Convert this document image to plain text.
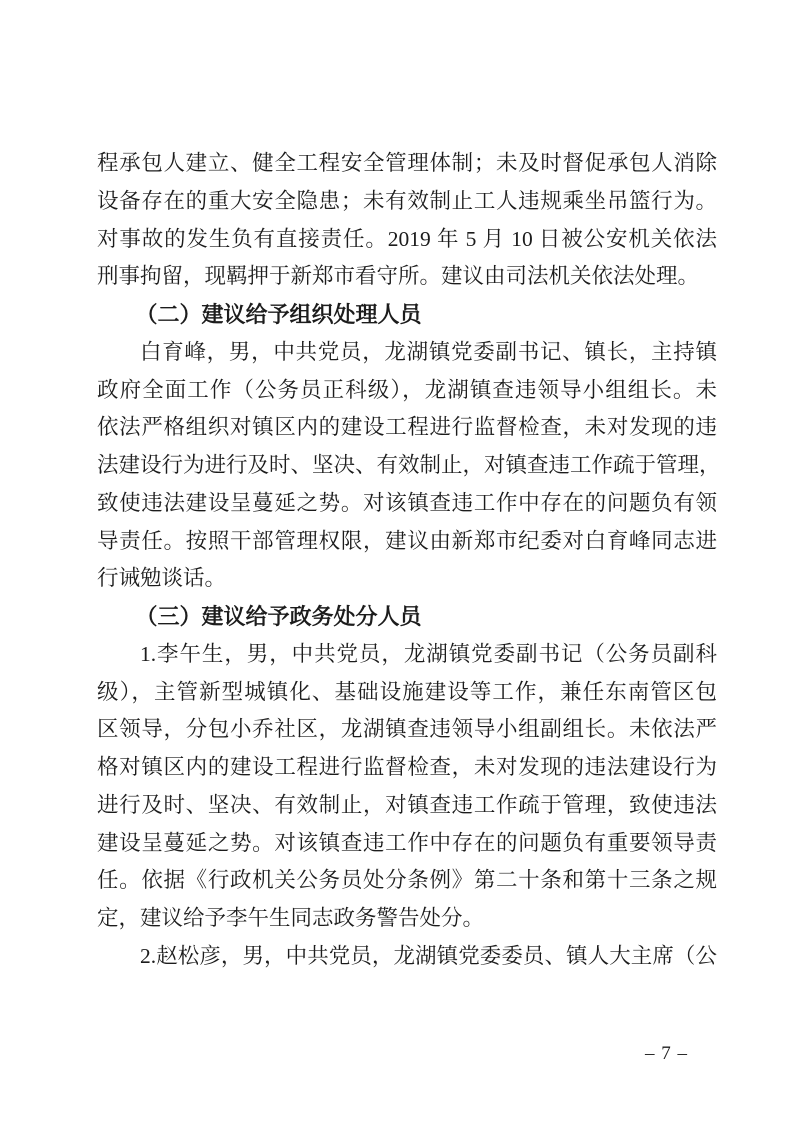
程承包人建立、健全工程安全管理体制；未及时督促承包人消除
设备存在的重大安全隐患；未有效制止工人违规乘坐吊篮行为。
对事故的发生负有直接责任。2019 年 5 月 10 日被公安机关依法
刑事拘留，现羁押于新郑市看守所。建议由司法机关依法处理。
（二）建议给予组织处理人员
白育峰，男，中共党员，龙湖镇党委副书记、镇长，主持镇
政府全面工作（公务员正科级），龙湖镇查违领导小组组长。未
依法严格组织对镇区内的建设工程进行监督检查，未对发现的违
法建设行为进行及时、坚决、有效制止，对镇查违工作疏于管理，
致使违法建设呈蔓延之势。对该镇查违工作中存在的问题负有领
导责任。按照干部管理权限，建议由新郑市纪委对白育峰同志进
行诫勉谈话。
（三）建议给予政务处分人员
1.李午生，男，中共党员，龙湖镇党委副书记（公务员副科
级），主管新型城镇化、基础设施建设等工作，兼任东南管区包
区领导，分包小乔社区，龙湖镇查违领导小组副组长。未依法严
格对镇区内的建设工程进行监督检查，未对发现的违法建设行为
进行及时、坚决、有效制止，对镇查违工作疏于管理，致使违法
建设呈蔓延之势。对该镇查违工作中存在的问题负有重要领导责
任。依据《行政机关公务员处分条例》第二十条和第十三条之规
定，建议给予李午生同志政务警告处分。
2.赵松彦，男，中共党员，龙湖镇党委委员、镇人大主席（公
– 7 –
